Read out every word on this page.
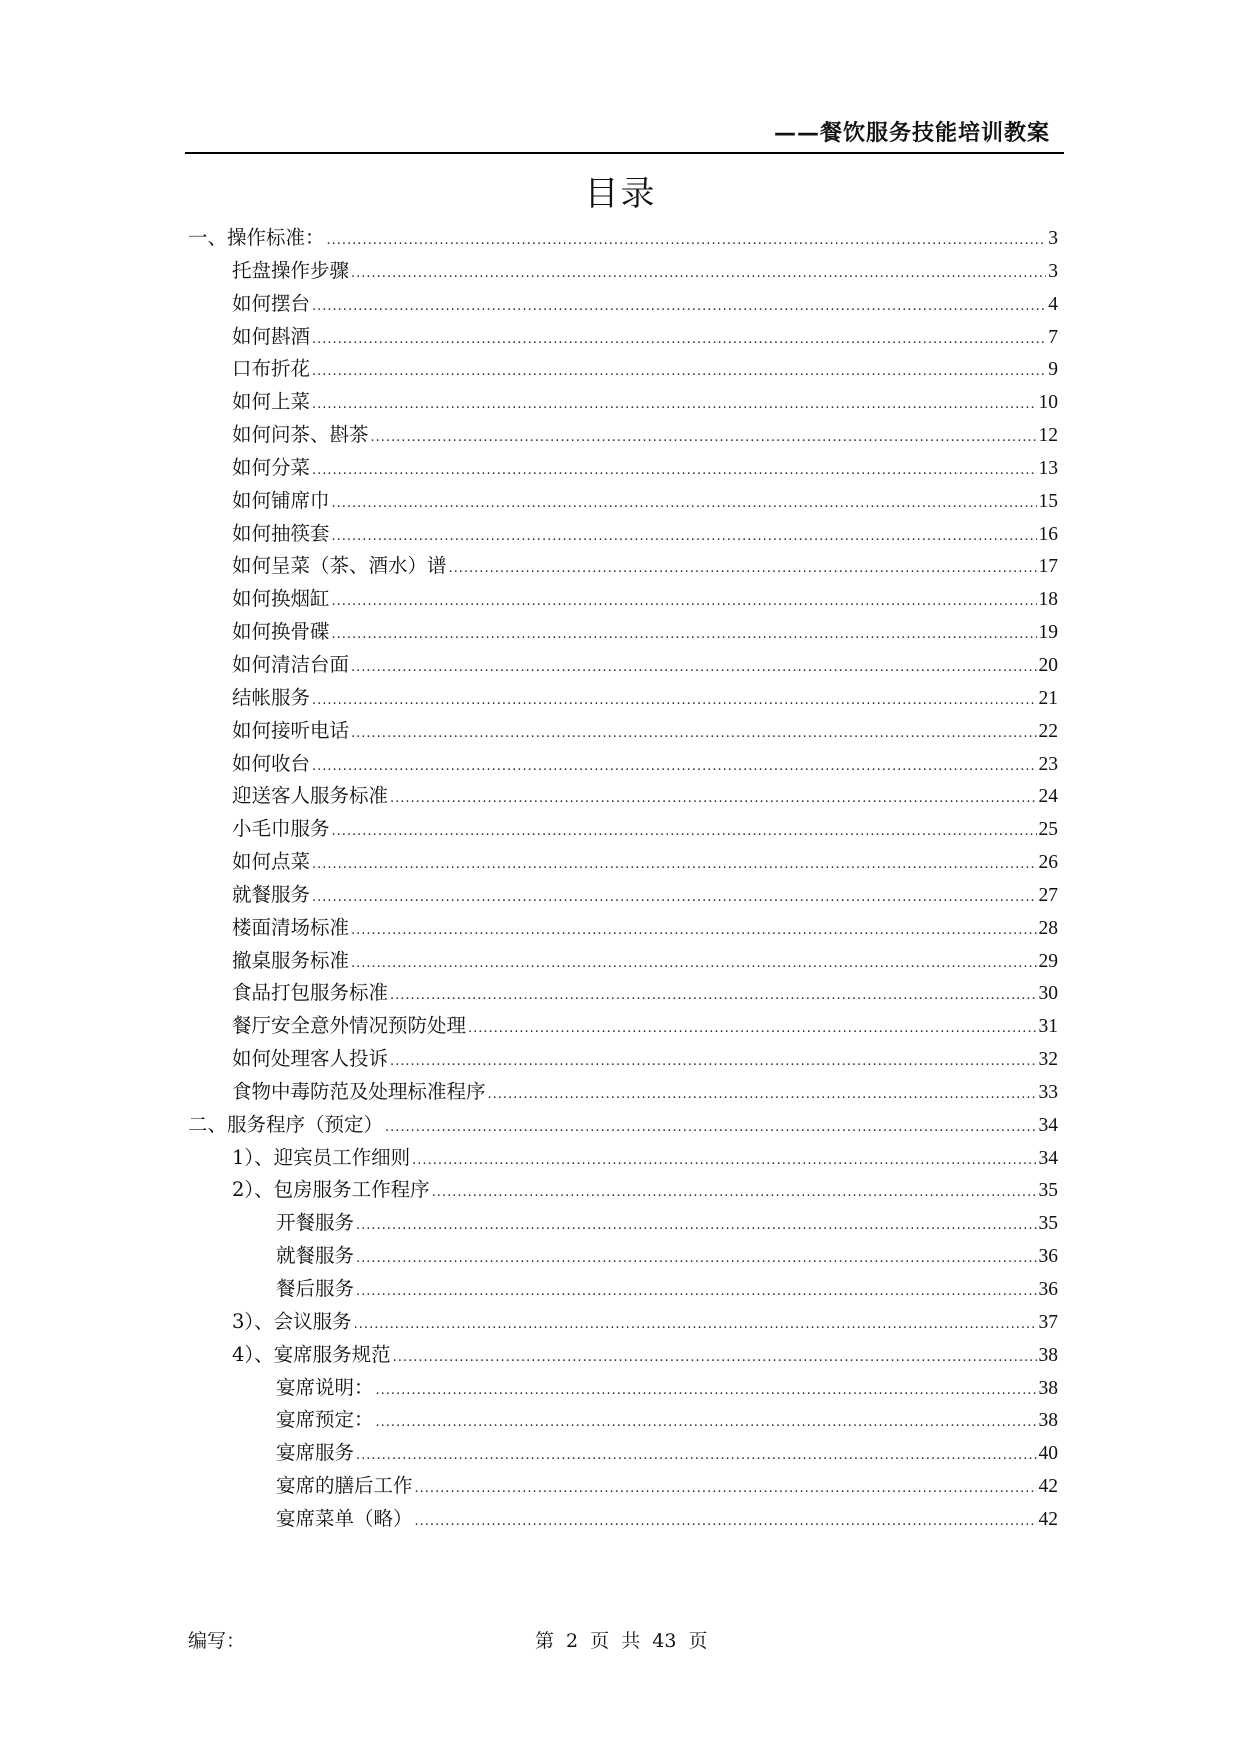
——餐饮服务技能培训教案
目录
一、操作标准： .....	3
托盘操作步骤 .....	3
如何摆台 .....	4
如何斟酒 .....	7
口布折花 .....	9
如何上菜 .....	10
如何问茶、斟茶 .....	12
如何分菜 .....	13
如何铺席巾 .....	15
如何抽筷套 .....	16
如何呈菜（茶、酒水）谱 .....	17
如何换烟缸 .....	18
如何换骨碟 .....	19
如何清洁台面 .....	20
结帐服务 .....	21
如何接听电话 .....	22
如何收台 .....	23
迎送客人服务标准 .....	24
小毛巾服务 .....	25
如何点菜 .....	26
就餐服务 .....	27
楼面清场标准 .....	28
撤桌服务标准 .....	29
食品打包服务标准 .....	30
餐厅安全意外情况预防处理 .....	31
如何处理客人投诉 .....	32
食物中毒防范及处理标准程序 .....	33
二、服务程序（预定） .....	34
1）、迎宾员工作细则 .....	34
2）、包房服务工作程序 .....	35
开餐服务 .....	35
就餐服务 .....	36
餐后服务 .....	36
3）、会议服务 .....	37
4）、宴席服务规范 .....	38
宴席说明： .....	38
宴席预定： .....	38
宴席服务 .....	40
宴席的膳后工作 .....	42
宴席菜单（略） .....	42
编写：	第 2 页 共 43 页
